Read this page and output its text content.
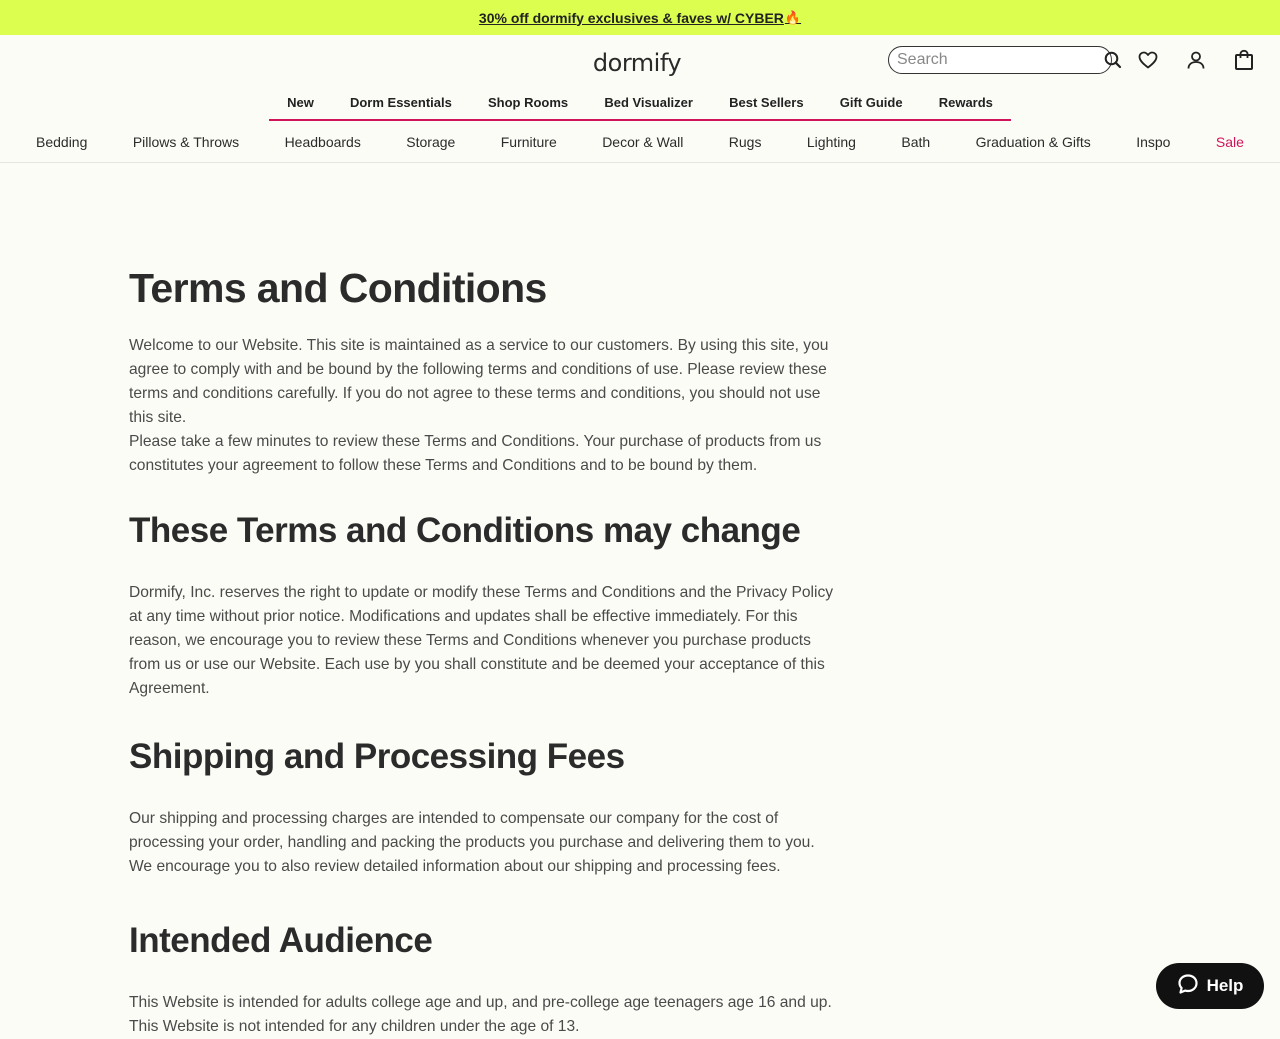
30% off dormify exclusives & faves w/ CYBER 🔥
dormify
Search
New	Dorm Essentials	Shop Rooms	Bed Visualizer	Best Sellers	Gift Guide	Rewards
Bedding	Pillows & Throws	Headboards	Storage	Furniture	Decor & Wall	Rugs	Lighting	Bath	Graduation & Gifts	Inspo	Sale
Terms and Conditions

Welcome to our Website. This site is maintained as a service to our customers. By using this site, you agree to comply with and be bound by the following terms and conditions of use. Please review these terms and conditions carefully. If you do not agree to these terms and conditions, you should not use this site.

Please take a few minutes to review these Terms and Conditions. Your purchase of products from us constitutes your agreement to follow these Terms and Conditions and to be bound by them.

These Terms and Conditions may change

Dormify, Inc. reserves the right to update or modify these Terms and Conditions and the Privacy Policy at any time without prior notice. Modifications and updates shall be effective immediately. For this reason, we encourage you to review these Terms and Conditions whenever you purchase products from us or use our Website. Each use by you shall constitute and be deemed your acceptance of this Agreement.

Shipping and Processing Fees

Our shipping and processing charges are intended to compensate our company for the cost of processing your order, handling and packing the products you purchase and delivering them to you. We encourage you to also review detailed information about our shipping and processing fees.

Intended Audience

This Website is intended for adults college age and up, and pre-college age teenagers age 16 and up. This Website is not intended for any children under the age of 13.

Help
